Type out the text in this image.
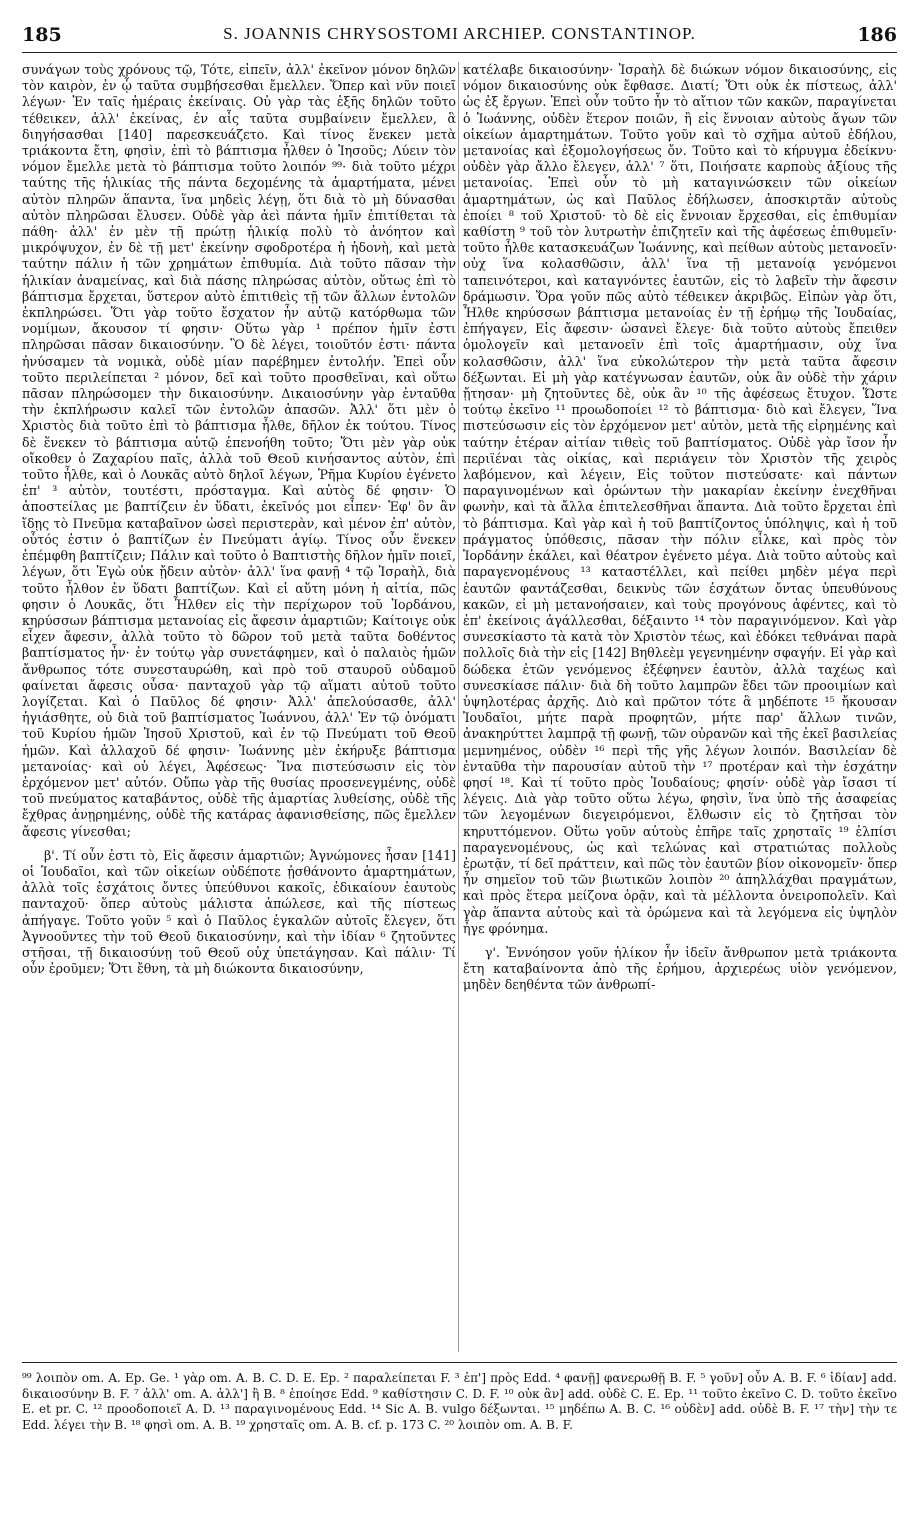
185	S. JOANNIS CHRYSOSTOMI ARCHIEP. CONSTANTINOP.	186

συνάγων τοὺς χρόνους τῷ, Τότε, εἰπεῖν, ἀλλ' ἐκεῖνον μόνον δηλῶν τὸν καιρὸν, ἐν ᾧ ταῦτα συμβήσεσθαι ἔμελλεν. Ὅπερ καὶ νῦν ποιεῖ λέγων· Ἐν ταῖς ἡμέραις ἐκείναις. Οὐ γὰρ τὰς ἑξῆς δηλῶν τοῦτο τέθεικεν, ἀλλ' ἐκείνας, ἐν αἷς ταῦτα συμβαίνειν ἔμελλεν, ἃ διηγήσασθαι [140] παρεσκευάζετο. Καὶ τίνος ἕνεκεν μετὰ τριάκοντα ἔτη, φησὶν, ἐπὶ τὸ βάπτισμα ἦλθεν ὁ Ἰησοῦς; Λύειν τὸν νόμον ἔμελλε μετὰ τὸ βάπτισμα τοῦτο λοιπόν ⁹⁹· διὰ τοῦτο μέχρι ταύτης τῆς ἡλικίας τῆς πάντα δεχομένης τὰ ἁμαρτήματα, μένει αὐτὸν πληρῶν ἅπαντα, ἵνα μηδεὶς λέγῃ, ὅτι διὰ τὸ μὴ δύνασθαι αὐτὸν πληρῶσαι ἔλυσεν. Οὐδὲ γὰρ ἀεὶ πάντα ἡμῖν ἐπιτίθεται τὰ πάθη· ἀλλ' ἐν μὲν τῇ πρώτῃ ἡλικίᾳ πολὺ τὸ ἀνόητον καὶ μικρόψυχον, ἐν δὲ τῇ μετ' ἐκείνην σφοδροτέρα ἡ ἡδονὴ, καὶ μετὰ ταύτην πάλιν ἡ τῶν χρημάτων ἐπιθυμία. Διὰ τοῦτο πᾶσαν τὴν ἡλικίαν ἀναμείνας, καὶ διὰ πάσης πληρώσας αὐτὸν, οὕτως ἐπὶ τὸ βάπτισμα ἔρχεται, ὕστερον αὐτὸ ἐπιτιθεὶς τῇ τῶν ἄλλων ἐντολῶν ἐκπληρώσει. Ὅτι γὰρ τοῦτο ἔσχατον ἦν αὐτῷ κατόρθωμα τῶν νομίμων, ἄκουσον τί φησιν· Οὕτω γὰρ ¹ πρέπον ἡμῖν ἐστι πληρῶσαι πᾶσαν δικαιοσύνην. Ὃ δὲ λέγει, τοιοῦτόν ἐστι· πάντα ἠνύσαμεν τὰ νομικὰ, οὐδὲ μίαν παρέβημεν ἐντολήν. Ἐπεὶ οὖν τοῦτο περιλείπεται ² μόνον, δεῖ καὶ τοῦτο προσθεῖναι, καὶ οὕτω πᾶσαν πληρώσομεν τὴν δικαιοσύνην. Δικαιοσύνην γὰρ ἐνταῦθα τὴν ἐκπλήρωσιν καλεῖ τῶν ἐντολῶν ἁπασῶν. Ἀλλ' ὅτι μὲν ὁ Χριστὸς διὰ τοῦτο ἐπὶ τὸ βάπτισμα ἦλθε, δῆλον ἐκ τούτου. Τίνος δὲ ἕνεκεν τὸ βάπτισμα αὐτῷ ἐπενοήθη τοῦτο; Ὅτι μὲν γὰρ οὐκ οἴκοθεν ὁ Ζαχαρίου παῖς, ἀλλὰ τοῦ Θεοῦ κινήσαντος αὐτὸν, ἐπὶ τοῦτο ἦλθε, καὶ ὁ Λουκᾶς αὐτὸ δηλοῖ λέγων, Ῥῆμα Κυρίου ἐγένετο ἐπ' ³ αὐτὸν, τουτέστι, πρόσταγμα. Καὶ αὐτὸς δέ φησιν· Ὁ ἀποστείλας με βαπτίζειν ἐν ὕδατι, ἐκεῖνός μοι εἶπεν· Ἐφ' ὃν ἂν ἴδῃς τὸ Πνεῦμα καταβαῖνον ὡσεὶ περιστερὰν, καὶ μένον ἐπ' αὐτὸν, οὗτός ἐστιν ὁ βαπτίζων ἐν Πνεύματι ἁγίῳ. Τίνος οὖν ἕνεκεν ἐπέμφθη βαπτίζειν; Πάλιν καὶ τοῦτο ὁ Βαπτιστὴς δῆλον ἡμῖν ποιεῖ, λέγων, ὅτι Ἐγὼ οὐκ ᾔδειν αὐτὸν· ἀλλ' ἵνα φανῇ ⁴ τῷ Ἰσραὴλ, διὰ τοῦτο ἦλθον ἐν ὕδατι βαπτίζων. Καὶ εἰ αὕτη μόνη ἡ αἰτία, πῶς φησιν ὁ Λουκᾶς, ὅτι Ἦλθεν εἰς τὴν περίχωρον τοῦ Ἰορδάνου, κηρύσσων βάπτισμα μετανοίας εἰς ἄφεσιν ἁμαρτιῶν; Καίτοιγε οὐκ εἶχεν ἄφεσιν, ἀλλὰ τοῦτο τὸ δῶρον τοῦ μετὰ ταῦτα δοθέντος βαπτίσματος ἦν· ἐν τούτῳ γὰρ συνετάφημεν, καὶ ὁ παλαιὸς ἡμῶν ἄνθρωπος τότε συνεσταυρώθη, καὶ πρὸ τοῦ σταυροῦ οὐδαμοῦ φαίνεται ἄφεσις οὖσα· πανταχοῦ γὰρ τῷ αἵματι αὐτοῦ τοῦτο λογίζεται. Καὶ ὁ Παῦλος δέ φησιν· Ἀλλ' ἀπελούσασθε, ἀλλ' ἡγιάσθητε, οὐ διὰ τοῦ βαπτίσματος Ἰωάννου, ἀλλ' Ἐν τῷ ὀνόματι τοῦ Κυρίου ἡμῶν Ἰησοῦ Χριστοῦ, καὶ ἐν τῷ Πνεύματι τοῦ Θεοῦ ἡμῶν. Καὶ ἀλλαχοῦ δέ φησιν· Ἰωάννης μὲν ἐκήρυξε βάπτισμα μετανοίας· καὶ οὐ λέγει, Ἀφέσεως· Ἵνα πιστεύσωσιν εἰς τὸν ἐρχόμενον μετ' αὐτόν. Οὔπω γὰρ τῆς θυσίας προσενεγμένης, οὐδὲ τοῦ πνεύματος καταβάντος, οὐδὲ τῆς ἁμαρτίας λυθείσης, οὐδὲ τῆς ἔχθρας ἀνῃρημένης, οὐδὲ τῆς κατάρας ἀφανισθείσης, πῶς ἔμελλεν ἄφεσις γίνεσθαι;

β'. Τί οὖν ἐστι τὸ, Εἰς ἄφεσιν ἁμαρτιῶν; Ἀγνώμονες ἦσαν [141] οἱ Ἰουδαῖοι, καὶ τῶν οἰκείων οὐδέποτε ᾐσθάνοντο ἁμαρτημάτων, ἀλλὰ τοῖς ἐσχάτοις ὄντες ὑπεύθυνοι κακοῖς, ἐδικαίουν ἑαυτοὺς πανταχοῦ· ὅπερ αὐτοὺς μάλιστα ἀπώλεσε, καὶ τῆς πίστεως ἀπήγαγε. Τοῦτο γοῦν ⁵ καὶ ὁ Παῦλος ἐγκαλῶν αὐτοῖς ἔλεγεν, ὅτι Ἀγνοοῦντες τὴν τοῦ Θεοῦ δικαιοσύνην, καὶ τὴν ἰδίαν ⁶ ζητοῦντες στῆσαι, τῇ δικαιοσύνῃ τοῦ Θεοῦ οὐχ ὑπετάγησαν. Καὶ πάλιν· Τί οὖν ἐροῦμεν; Ὅτι ἔθνη, τὰ μὴ διώκοντα δικαιοσύνην,

κατέλαβε δικαιοσύνην· Ἰσραὴλ δὲ διώκων νόμον δικαιοσύνης, εἰς νόμον δικαιοσύνης οὐκ ἔφθασε. Διατί; Ὅτι οὐκ ἐκ πίστεως, ἀλλ' ὡς ἐξ ἔργων. Ἐπεὶ οὖν τοῦτο ἦν τὸ αἴτιον τῶν κακῶν, παραγίνεται ὁ Ἰωάννης, οὐδὲν ἕτερον ποιῶν, ἢ εἰς ἔννοιαν αὐτοὺς ἄγων τῶν οἰκείων ἁμαρτημάτων. Τοῦτο γοῦν καὶ τὸ σχῆμα αὐτοῦ ἐδήλου, μετανοίας καὶ ἐξομολογήσεως ὄν. Τοῦτο καὶ τὸ κήρυγμα ἐδείκνυ· οὐδὲν γὰρ ἄλλο ἔλεγεν, ἀλλ' ⁷ ὅτι, Ποιήσατε καρποὺς ἀξίους τῆς μετανοίας. Ἐπεὶ οὖν τὸ μὴ καταγινώσκειν τῶν οἰκείων ἁμαρτημάτων, ὡς καὶ Παῦλος ἐδήλωσεν, ἀποσκιρτᾶν αὐτοὺς ἐποίει ⁸ τοῦ Χριστοῦ· τὸ δὲ εἰς ἔννοιαν ἔρχεσθαι, εἰς ἐπιθυμίαν καθίστη ⁹ τοῦ τὸν λυτρωτὴν ἐπιζητεῖν καὶ τῆς ἀφέσεως ἐπιθυμεῖν· τοῦτο ἦλθε κατασκευάζων Ἰωάννης, καὶ πείθων αὐτοὺς μετανοεῖν· οὐχ ἵνα κολασθῶσιν, ἀλλ' ἵνα τῇ μετανοίᾳ γενόμενοι ταπεινότεροι, καὶ καταγνόντες ἑαυτῶν, εἰς τὸ λαβεῖν τὴν ἄφεσιν δράμωσιν. Ὅρα γοῦν πῶς αὐτὸ τέθεικεν ἀκριβῶς. Εἰπὼν γὰρ ὅτι, Ἦλθε κηρύσσων βάπτισμα μετανοίας ἐν τῇ ἐρήμῳ τῆς Ἰουδαίας, ἐπήγαγεν, Εἰς ἄφεσιν· ὡσανεὶ ἔλεγε· διὰ τοῦτο αὐτοὺς ἔπειθεν ὁμολογεῖν καὶ μετανοεῖν ἐπὶ τοῖς ἁμαρτήμασιν, οὐχ ἵνα κολασθῶσιν, ἀλλ' ἵνα εὐκολώτερον τὴν μετὰ ταῦτα ἄφεσιν δέξωνται. Εἰ μὴ γὰρ κατέγνωσαν ἑαυτῶν, οὐκ ἂν οὐδὲ τὴν χάριν ᾔτησαν· μὴ ζητοῦντες δὲ, οὐκ ἂν ¹⁰ τῆς ἀφέσεως ἔτυχον. Ὥστε τούτῳ ἐκεῖνο ¹¹ προωδοποίει ¹² τὸ βάπτισμα· διὸ καὶ ἔλεγεν, Ἵνα πιστεύσωσιν εἰς τὸν ἐρχόμενον μετ' αὐτὸν, μετὰ τῆς εἰρημένης καὶ ταύτην ἑτέραν αἰτίαν τιθεὶς τοῦ βαπτίσματος. Οὐδὲ γὰρ ἴσον ἦν περιϊέναι τὰς οἰκίας, καὶ περιάγειν τὸν Χριστὸν τῆς χειρὸς λαβόμενον, καὶ λέγειν, Εἰς τοῦτον πιστεύσατε· καὶ πάντων παραγινομένων καὶ ὁρώντων τὴν μακαρίαν ἐκείνην ἐνεχθῆναι φωνὴν, καὶ τὰ ἄλλα ἐπιτελεσθῆναι ἅπαντα. Διὰ τοῦτο ἔρχεται ἐπὶ τὸ βάπτισμα. Καὶ γὰρ καὶ ἡ τοῦ βαπτίζοντος ὑπόληψις, καὶ ἡ τοῦ πράγματος ὑπόθεσις, πᾶσαν τὴν πόλιν εἷλκε, καὶ πρὸς τὸν Ἰορδάνην ἐκάλει, καὶ θέατρον ἐγένετο μέγα. Διὰ τοῦτο αὐτοὺς καὶ παραγενομένους ¹³ καταστέλλει, καὶ πείθει μηδὲν μέγα περὶ ἑαυτῶν φαντάζεσθαι, δεικνὺς τῶν ἐσχάτων ὄντας ὑπευθύνους κακῶν, εἰ μὴ μετανοήσαιεν, καὶ τοὺς προγόνους ἀφέντες, καὶ τὸ ἐπ' ἐκείνοις ἀγάλλεσθαι, δέξαιντο ¹⁴ τὸν παραγινόμενον. Καὶ γὰρ συνεσκίαστο τὰ κατὰ τὸν Χριστὸν τέως, καὶ ἐδόκει τεθνάναι παρὰ πολλοῖς διὰ τὴν εἰς [142] Βηθλεὲμ γεγενημένην σφαγήν. Εἰ γὰρ καὶ δώδεκα ἐτῶν γενόμενος ἐξέφηνεν ἑαυτὸν, ἀλλὰ ταχέως καὶ συνεσκίασε πάλιν· διὰ δὴ τοῦτο λαμπρῶν ἔδει τῶν προοιμίων καὶ ὑψηλοτέρας ἀρχῆς. Διὸ καὶ πρῶτον τότε ἃ μηδέποτε ¹⁵ ἤκουσαν Ἰουδαῖοι, μήτε παρὰ προφητῶν, μήτε παρ' ἄλλων τινῶν, ἀνακηρύττει λαμπρᾷ τῇ φωνῇ, τῶν οὐρανῶν καὶ τῆς ἐκεῖ βασιλείας μεμνημένος, οὐδὲν ¹⁶ περὶ τῆς γῆς λέγων λοιπόν. Βασιλείαν δὲ ἐνταῦθα τὴν παρουσίαν αὐτοῦ τὴν ¹⁷ προτέραν καὶ τὴν ἐσχάτην φησί ¹⁸. Καὶ τί τοῦτο πρὸς Ἰουδαίους; φησίν· οὐδὲ γὰρ ἴσασι τί λέγεις. Διὰ γὰρ τοῦτο οὕτω λέγω, φησὶν, ἵνα ὑπὸ τῆς ἀσαφείας τῶν λεγομένων διεγειρόμενοι, ἔλθωσιν εἰς τὸ ζητῆσαι τὸν κηρυττόμενον. Οὕτω γοῦν αὐτοὺς ἐπῆρε ταῖς χρησταῖς ¹⁹ ἐλπίσι παραγενομένους, ὡς καὶ τελώνας καὶ στρατιώτας πολλοὺς ἐρωτᾷν, τί δεῖ πράττειν, καὶ πῶς τὸν ἑαυτῶν βίον οἰκονομεῖν· ὅπερ ἦν σημεῖον τοῦ τῶν βιωτικῶν λοιπὸν ²⁰ ἀπηλλάχθαι πραγμάτων, καὶ πρὸς ἕτερα μείζονα ὁρᾷν, καὶ τὰ μέλλοντα ὀνειροπολεῖν. Καὶ γὰρ ἅπαντα αὐτοὺς καὶ τὰ ὁρώμενα καὶ τὰ λεγόμενα εἰς ὑψηλὸν ἦγε φρόνημα.

γ'. Ἐννόησον γοῦν ἡλίκον ἦν ἰδεῖν ἄνθρωπον μετὰ τριάκοντα ἔτη καταβαίνοντα ἀπὸ τῆς ἐρήμου, ἀρχιερέως υἱὸν γενόμενον, μηδὲν δεηθέντα τῶν ἀνθρωπί-

⁹⁹ λοιπὸν om. A. Ep. Ge. ¹ γὰρ om. A. B. C. D. E. Ep. ² παραλείπεται F. ³ ἐπ'] πρὸς Edd. ⁴ φανῇ] φανερωθῇ B. F. ⁵ γοῦν] οὖν A. B. F. ⁶ ἰδίαν] add. δικαιοσύνην B. F. ⁷ ἀλλ' om. A. ἀλλ'] ἢ B. ⁸ ἐποίησε Edd. ⁹ καθίστησιν C. D. F. ¹⁰ οὐκ ἂν] add. οὐδὲ C. E. Ep. ¹¹ τοῦτο ἐκεῖνο C. D. τοῦτο ἐκεῖνο E. et pr. C. ¹² προοδοποιεῖ A. D. ¹³ παραγινομένους Edd. ¹⁴ Sic A. B. vulgo δέξωνται. ¹⁵ μηδέπω A. B. C. ¹⁶ οὐδὲν] add. οὐδὲ B. F. ¹⁷ τὴν] τὴν τε Edd. λέγει τὴν B. ¹⁸ φησὶ om. A. B. ¹⁹ χρησταῖς om. A. B. cf. p. 173 C. ²⁰ λοιπὸν om. A. B. F.
